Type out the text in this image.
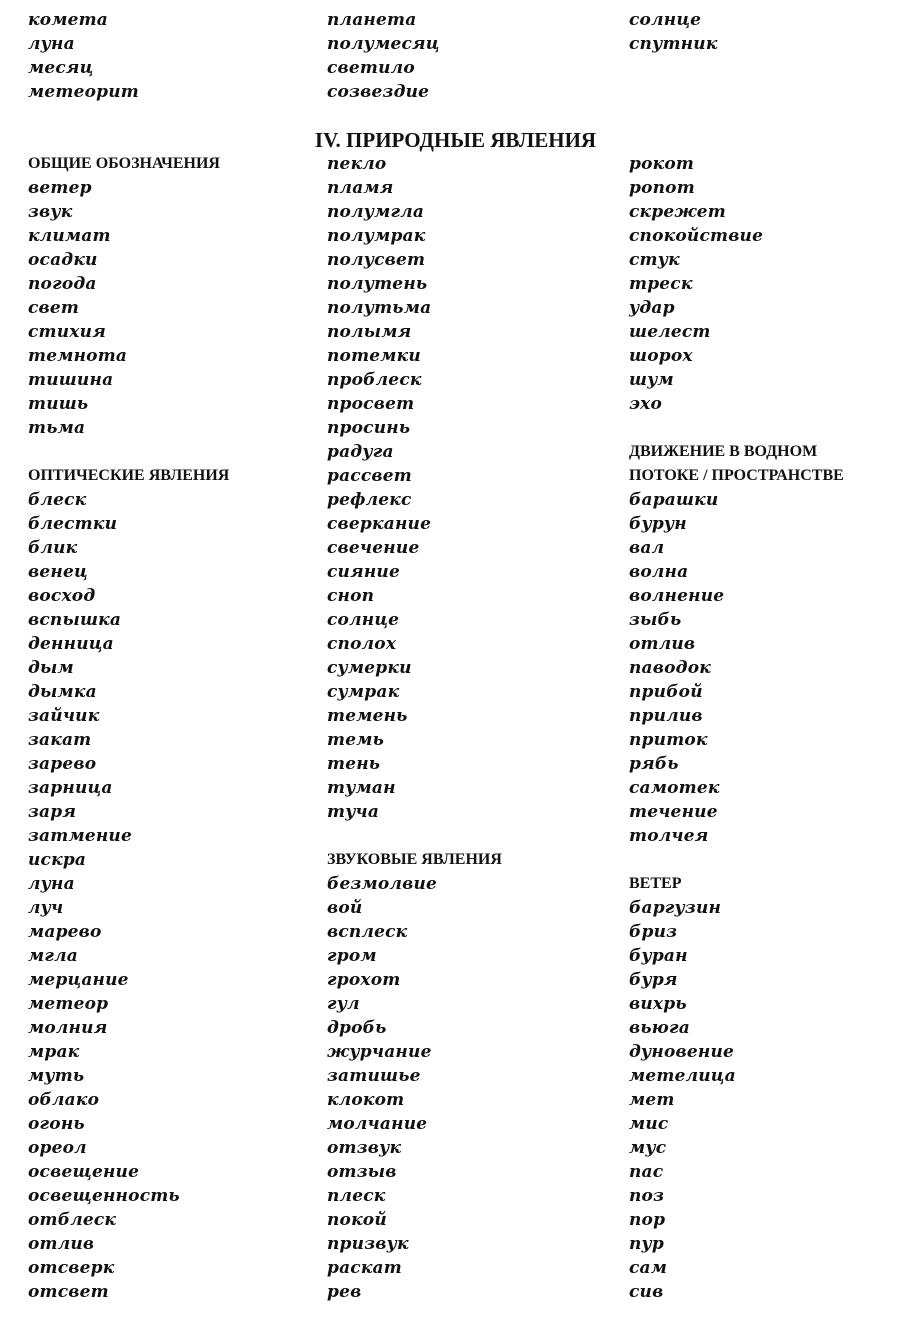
комета
луна
месяц
метеорит
планета
полумесяц
светило
созвездие
солнце
спутник
IV. ПРИРОДНЫЕ ЯВЛЕНИЯ
ОБЩИЕ ОБОЗНАЧЕНИЯ
ветер
звук
климат
осадки
погода
свет
стихия
темнота
тишина
тишь
тьма
ОПТИЧЕСКИЕ ЯВЛЕНИЯ
блеск
блестки
блик
венец
восход
вспышка
денница
дым
дымка
зайчик
закат
зарево
зарница
заря
затмение
искра
луна
луч
марево
мгла
мерцание
метеор
молния
мрак
муть
облако
огонь
ореол
освещение
освещенность
отблеск
отлив
отсверк
отсвет
пекло
пламя
полумгла
полумрак
полусвет
полутень
полутьма
полымя
потемки
проблеск
просвет
просинь
радуга
рассвет
рефлекс
сверкание
свечение
сияние
сноп
солнце
сполох
сумерки
сумрак
темень
темь
тень
туман
туча
ЗВУКОВЫЕ ЯВЛЕНИЯ
безмолвие
вой
всплеск
гром
грохот
гул
дробь
журчание
затишье
клокот
молчание
отзвук
отзыв
плеск
покой
призвук
раскат
рев
рокот
ропот
скрежет
спокойствие
стук
треск
удар
шелест
шорох
шум
эхо
ДВИЖЕНИЕ В ВОДНОМ
ПОТОКЕ / ПРОСТРАНСТВЕ
барашки
бурун
вал
волна
волнение
зыбь
отлив
паводок
прибой
прилив
приток
рябь
самотек
течение
толчея
ВЕТЕР
баргузин
бриз
буран
буря
вихрь
вьюга
дуновение
метелица
мет
мис
мус
пас
поз
пор
пур
сам
сив
